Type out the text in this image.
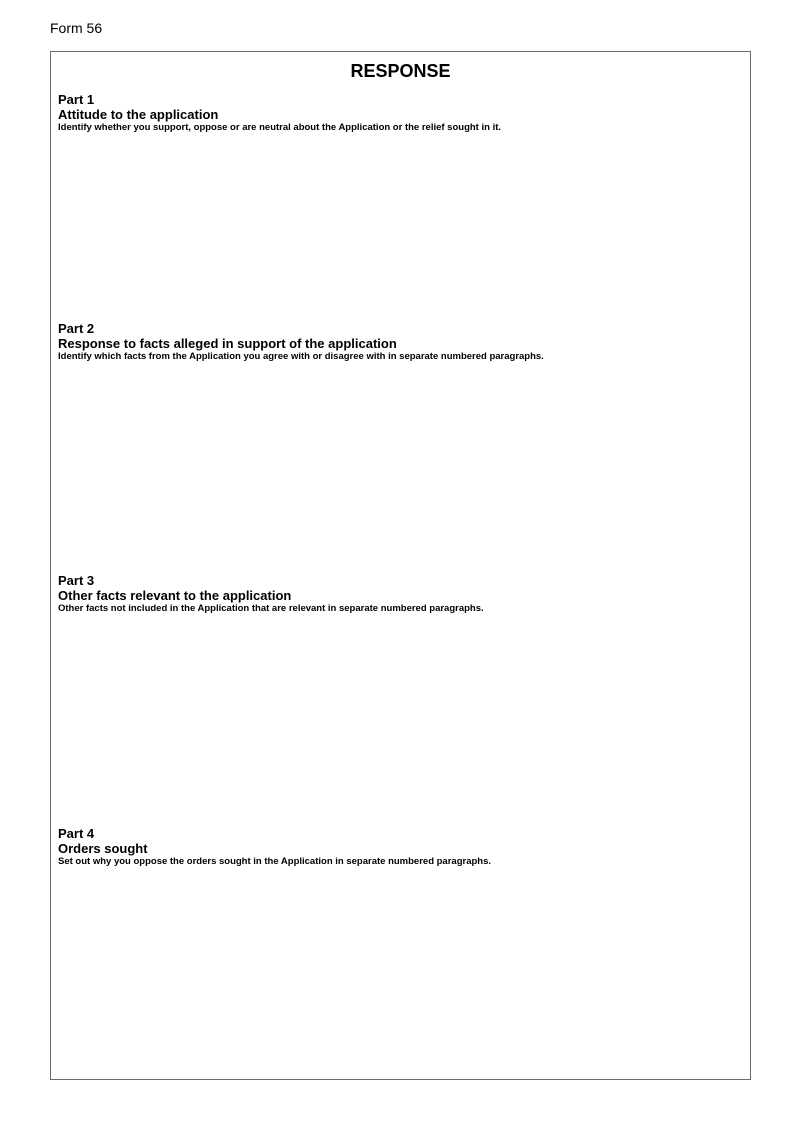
Form 56
RESPONSE
Part 1
Attitude to the application
Identify whether you support, oppose or are neutral about the Application or the relief sought in it.
Part 2
Response to facts alleged in support of the application
Identify which facts from the Application you agree with or disagree with in separate numbered paragraphs.
Part 3
Other facts relevant to the application
Other facts not included in the Application that are relevant in separate numbered paragraphs.
Part 4
Orders sought
Set out why you oppose the orders sought in the Application in separate numbered paragraphs.
